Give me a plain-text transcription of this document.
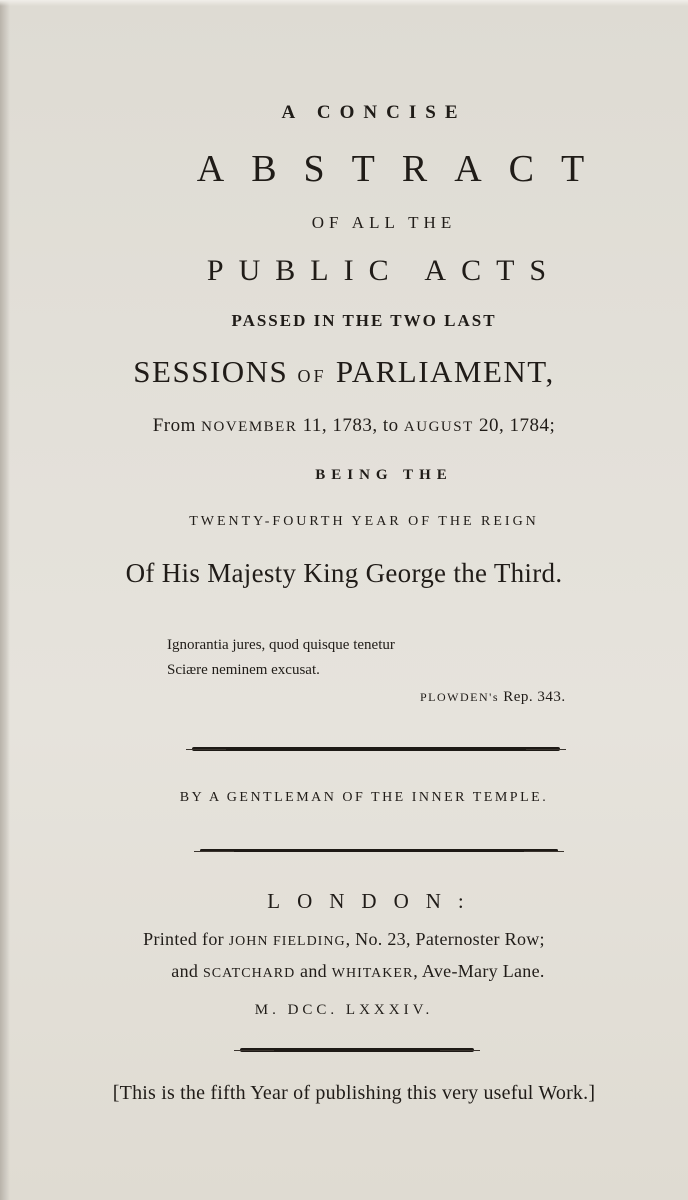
A CONCISE
ABSTRACT
OF ALL THE
PUBLIC ACTS
PASSED IN THE TWO LAST
SESSIONS OF PARLIAMENT,
From NOVEMBER 11, 1783, to AUGUST 20, 1784;
BEING THE
TWENTY-FOURTH YEAR OF THE REIGN
Of His Majesty King George the Third.
Ignorantia jures, quod quisque tenetur
Sciære neminem excusat.
PLOWDEN's Rep. 343.
BY A GENTLEMAN OF THE INNER TEMPLE.
LONDON:
Printed for JOHN FIELDING, No. 23, Paternoster Row;
and SCATCHARD and WHITAKER, Ave-Mary Lane.
M. DCC. LXXXIV.
[This is the fifth Year of publishing this very useful Work.]
